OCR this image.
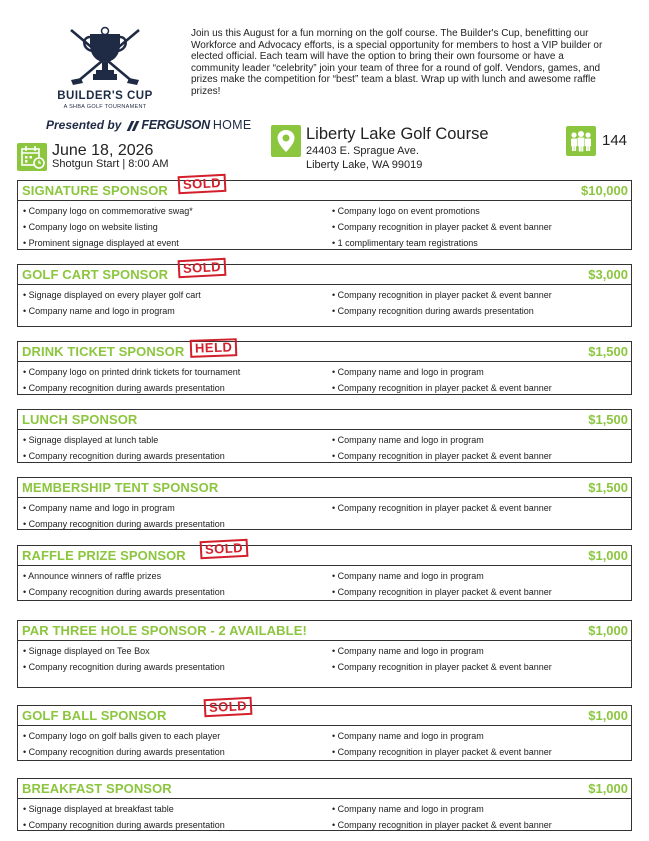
BUILDER'S CUP
A SHBA GOLF TOURNAMENT
Presented by FERGUSON HOME
Join us this August for a fun morning on the golf course. The Builder's Cup, benefitting our Workforce and Advocacy efforts, is a special opportunity for members to host a VIP builder or elected official. Each team will have the option to bring their own foursome or have a community leader “celebrity” join your team of three for a round of golf. Vendors, games, and prizes make the competition for “best” team a blast. Wrap up with lunch and awesome raffle prizes!
June 18, 2026
Shotgun Start | 8:00 AM
Liberty Lake Golf Course
24403 E. Sprague Ave.
Liberty Lake, WA 99019
144
SIGNATURE SPONSOR	$10,000
• Company logo on commemorative swag*
• Company logo on website listing
• Prominent signage displayed at event
• Company logo on event promotions
• Company recognition in player packet & event banner
• 1 complimentary team registrations
SOLD
GOLF CART SPONSOR	$3,000
• Signage displayed on every player golf cart
• Company name and logo in program
• Company recognition in player packet & event banner
• Company recognition during awards presentation
SOLD
DRINK TICKET SPONSOR	$1,500
• Company logo on printed drink tickets for tournament
• Company recognition during awards presentation
• Company name and logo in program
• Company recognition in player packet & event banner
HELD
LUNCH SPONSOR	$1,500
• Signage displayed at lunch table
• Company recognition during awards presentation
• Company name and logo in program
• Company recognition in player packet & event banner
MEMBERSHIP TENT SPONSOR	$1,500
• Company name and logo in program
• Company recognition during awards presentation
• Company recognition in player packet & event banner
RAFFLE PRIZE SPONSOR	$1,000
• Announce winners of raffle prizes
• Company recognition during awards presentation
• Company name and logo in program
• Company recognition in player packet & event banner
SOLD
PAR THREE HOLE SPONSOR - 2 AVAILABLE!	$1,000
• Signage displayed on Tee Box
• Company recognition during awards presentation
• Company name and logo in program
• Company recognition in player packet & event banner
GOLF BALL SPONSOR	$1,000
• Company logo on golf balls given to each player
• Company recognition during awards presentation
• Company name and logo in program
• Company recognition in player packet & event banner
SOLD
BREAKFAST SPONSOR	$1,000
• Signage displayed at breakfast table
• Company recognition during awards presentation
• Company name and logo in program
• Company recognition in player packet & event banner
